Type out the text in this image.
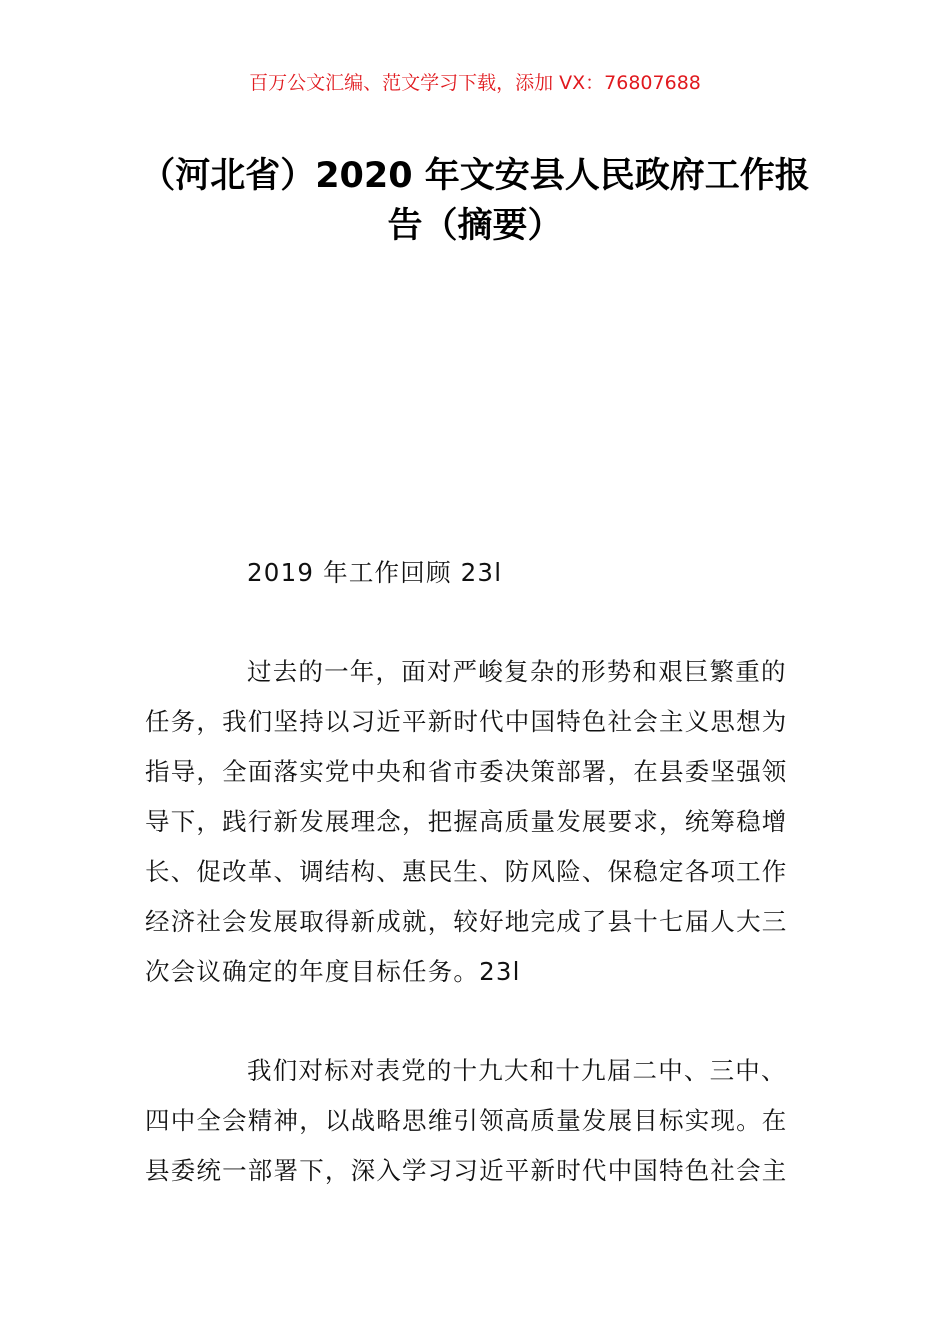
百万公文汇编、范文学习下载，添加 VX：76807688
（河北省）2020 年文安县人民政府工作报
告（摘要）
2019 年工作回顾 23l
过去的一年，面对严峻复杂的形势和艰巨繁重的
任务，我们坚持以习近平新时代中国特色社会主义思想为
指导，全面落实党中央和省市委决策部署，在县委坚强领
导下，践行新发展理念，把握高质量发展要求，统筹稳增
长、促改革、调结构、惠民生、防风险、保稳定各项工作
经济社会发展取得新成就，较好地完成了县十七届人大三
次会议确定的年度目标任务。23l
我们对标对表党的十九大和十九届二中、三中、
四中全会精神，以战略思维引领高质量发展目标实现。在
县委统一部署下，深入学习习近平新时代中国特色社会主
